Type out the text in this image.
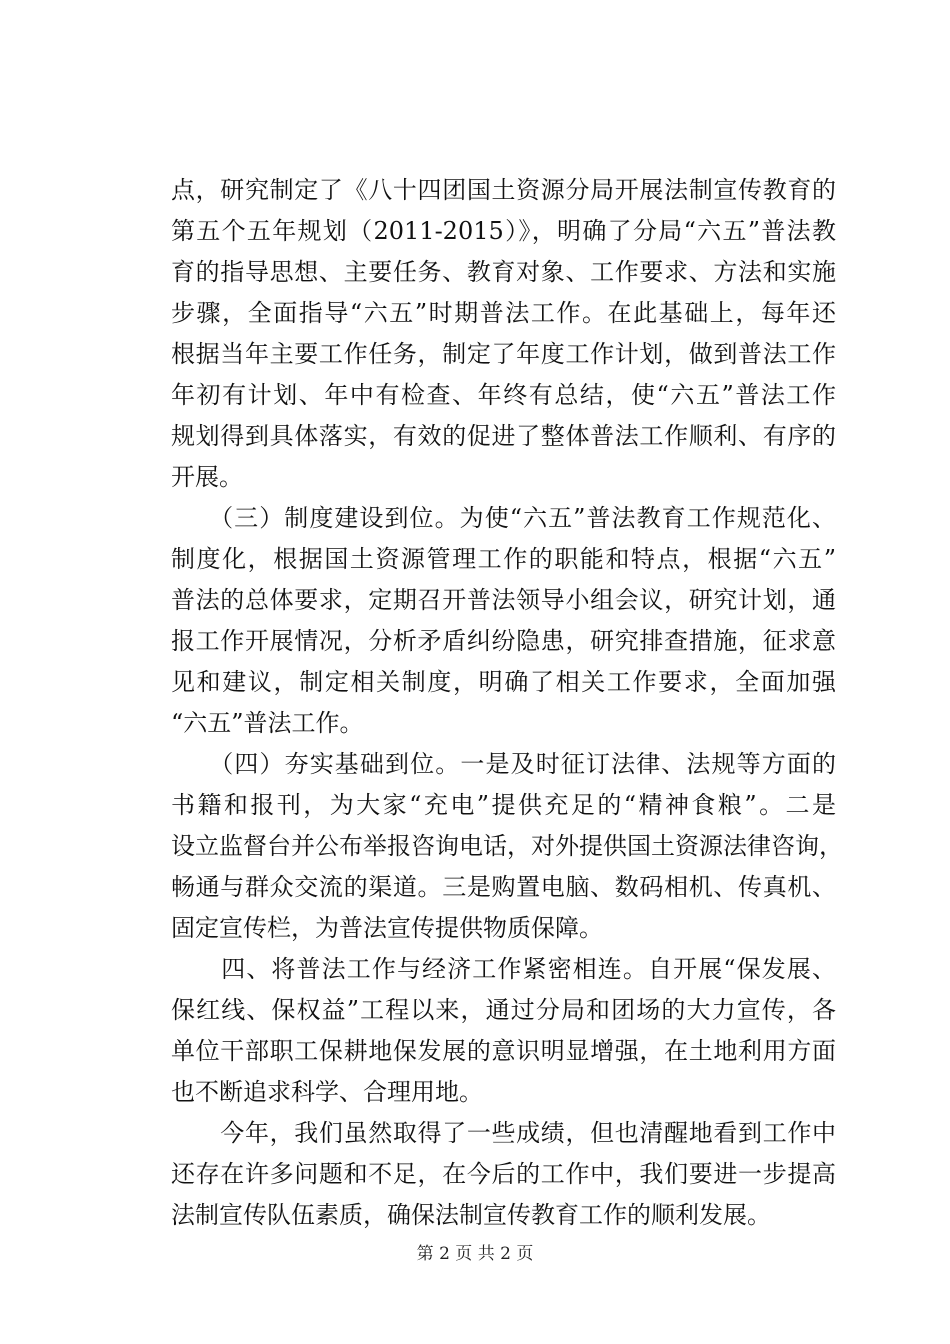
点，研究制定了《八十四团国土资源分局开展法制宣传教育的
第五个五年规划（2011-2015）》，明确了分局“六五”普法教
育的指导思想、主要任务、教育对象、工作要求、方法和实施
步骤，全面指导“六五”时期普法工作。在此基础上，每年还
根据当年主要工作任务，制定了年度工作计划，做到普法工作
年初有计划、年中有检查、年终有总结，使“六五”普法工作
规划得到具体落实，有效的促进了整体普法工作顺利、有序的
开展。
　　（三）制度建设到位。为使“六五”普法教育工作规范化、
制度化，根据国土资源管理工作的职能和特点，根据“六五”
普法的总体要求，定期召开普法领导小组会议，研究计划，通
报工作开展情况，分析矛盾纠纷隐患，研究排查措施，征求意
见和建议，制定相关制度，明确了相关工作要求，全面加强
“六五”普法工作。
　　（四）夯实基础到位。一是及时征订法律、法规等方面的
书籍和报刊，为大家“充电”提供充足的“精神食粮”。二是
设立监督台并公布举报咨询电话，对外提供国土资源法律咨询，
畅通与群众交流的渠道。三是购置电脑、数码相机、传真机、
固定宣传栏，为普法宣传提供物质保障。
　　四、将普法工作与经济工作紧密相连。自开展“保发展、
保红线、保权益”工程以来，通过分局和团场的大力宣传，各
单位干部职工保耕地保发展的意识明显增强，在土地利用方面
也不断追求科学、合理用地。
　　今年，我们虽然取得了一些成绩，但也清醒地看到工作中
还存在许多问题和不足，在今后的工作中，我们要进一步提高
法制宣传队伍素质，确保法制宣传教育工作的顺利发展。
第 2 页 共 2 页
